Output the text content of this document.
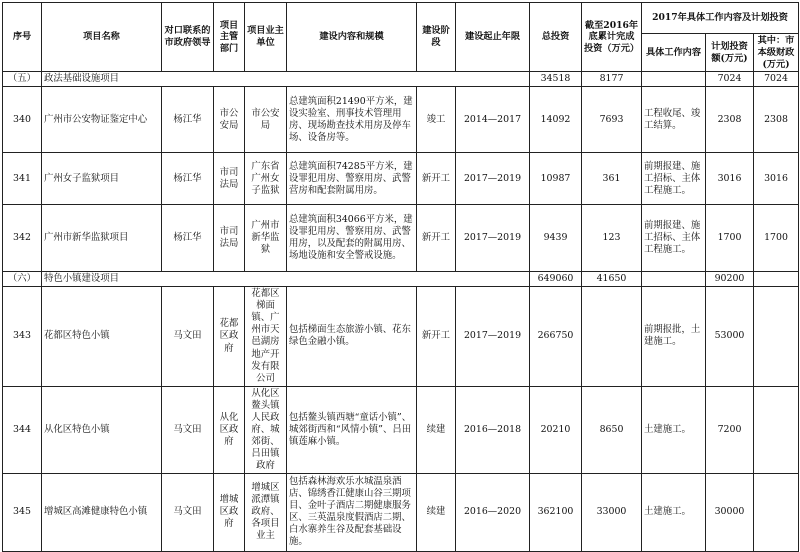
序号	项目名称	对口联系的市政府领导	项目主管部门	项目业主单位	建设内容和规模	建设阶段	建设起止年限	总投资	截至2016年底累计完成投资（万元）	2017年具体工作内容及计划投资		
										具体工作内容	计划投资额(万元)	其中：市本级财政(万元)
（五）	政法基础设施项目							34518	8177		7024	7024
340	广州市公安物证鉴定中心	杨江华	市公安局	市公安局	总建筑面积21490平方米，建设实验室、刑事技术管理用房、现场勘查技术用房及停车场、设备房等。	竣工	2014—2017	14092	7693	工程收尾、竣工结算。	2308	2308
341	广州女子监狱项目	杨江华	市司法局	广东省广州女子监狱	总建筑面积74285平方米，建设罪犯用房、警察用房、武警营房和配套附属用房。	新开工	2017—2019	10987	361	前期报建、施工招标、主体工程施工。	3016	3016
342	广州市新华监狱项目	杨江华	市司法局	广州市新华监狱	总建筑面积34066平方米，建设罪犯用房、警察用房、武警用房，以及配套的附属用房、场地设施和安全警戒设施。	新开工	2017—2019	9439	123	前期报建、施工招标、主体工程施工。	1700	1700
（六）	特色小镇建设项目							649060	41650		90200	
343	花都区特色小镇	马文田	花都区政府	花都区梯面镇、广州市天邑湖房地产开发有限公司	包括梯面生态旅游小镇、花东绿色金融小镇。	新开工	2017—2019	266750		前期报批，土建施工。	53000	
344	从化区特色小镇	马文田	从化区政府	从化区鳌头镇人民政府、城郊街、吕田镇政府	包括鳌头镇西塘“童话小镇”、城郊街西和“风情小镇”、吕田镇莲麻小镇。	续建	2016—2018	20210	8650	土建施工。	7200	
345	增城区高滩健康特色小镇	马文田	增城区政府	增城区派潭镇政府、各项目业主	包括森林海欢乐水城温泉酒店、锦绣香江健康山谷三期项目、金叶子酒店二期健康服务区、三英温泉度假酒店二期、白水寨养生谷及配套基础设施。	续建	2016—2020	362100	33000	土建施工。	30000	
